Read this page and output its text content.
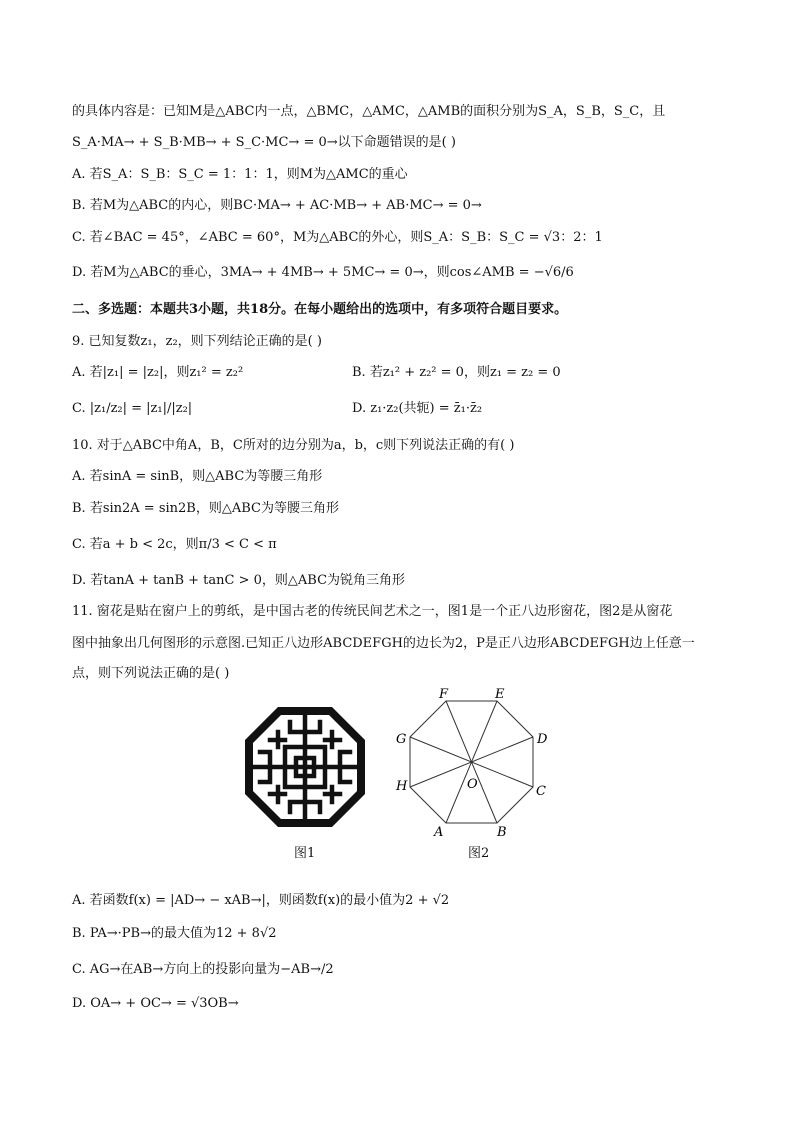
的具体内容是：已知M是△ABC内一点，△BMC，△AMC，△AMB的面积分别为S_A，S_B，S_C，且
S_A·MA→ + S_B·MB→ + S_C·MC→ = 0→以下命题错误的是( )
A. 若S_A：S_B：S_C = 1：1：1，则M为△AMC的重心
B. 若M为△ABC的内心，则BC·MA→ + AC·MB→ + AB·MC→ = 0→
C. 若∠BAC = 45°，∠ABC = 60°，M为△ABC的外心，则S_A：S_B：S_C = √3：2：1
D. 若M为△ABC的垂心，3MA→ + 4MB→ + 5MC→ = 0→，则cos∠AMB = −√6/6
二、多选题：本题共3小题，共18分。在每小题给出的选项中，有多项符合题目要求。
9. 已知复数z₁，z₂，则下列结论正确的是( )
A. 若|z₁| = |z₂|，则z₁² = z₂²	B. 若z₁² + z₂² = 0，则z₁ = z₂ = 0
C. |z₁/z₂| = |z₁|/|z₂|	D. z₁·z₂(共轭) = z̄₁·z̄₂
10. 对于△ABC中角A，B，C所对的边分别为a，b，c则下列说法正确的有( )
A. 若sinA = sinB，则△ABC为等腰三角形
B. 若sin2A = sin2B，则△ABC为等腰三角形
C. 若a + b < 2c，则π/3 < C < π
D. 若tanA + tanB + tanC > 0，则△ABC为锐角三角形
11. 窗花是贴在窗户上的剪纸，是中国古老的传统民间艺术之一，图1是一个正八边形窗花，图2是从窗花
图中抽象出几何图形的示意图.已知正八边形ABCDEFGH的边长为2，P是正八边形ABCDEFGH边上任意一
点，则下列说法正确的是( )
图1
A	B
C
D
E
F
G
H	O
图2
A. 若函数f(x) = |AD→ − xAB→|，则函数f(x)的最小值为2 + √2
B. PA→·PB→的最大值为12 + 8√2
C. AG→在AB→方向上的投影向量为−AB→/2
D. OA→ + OC→ = √3OB→
